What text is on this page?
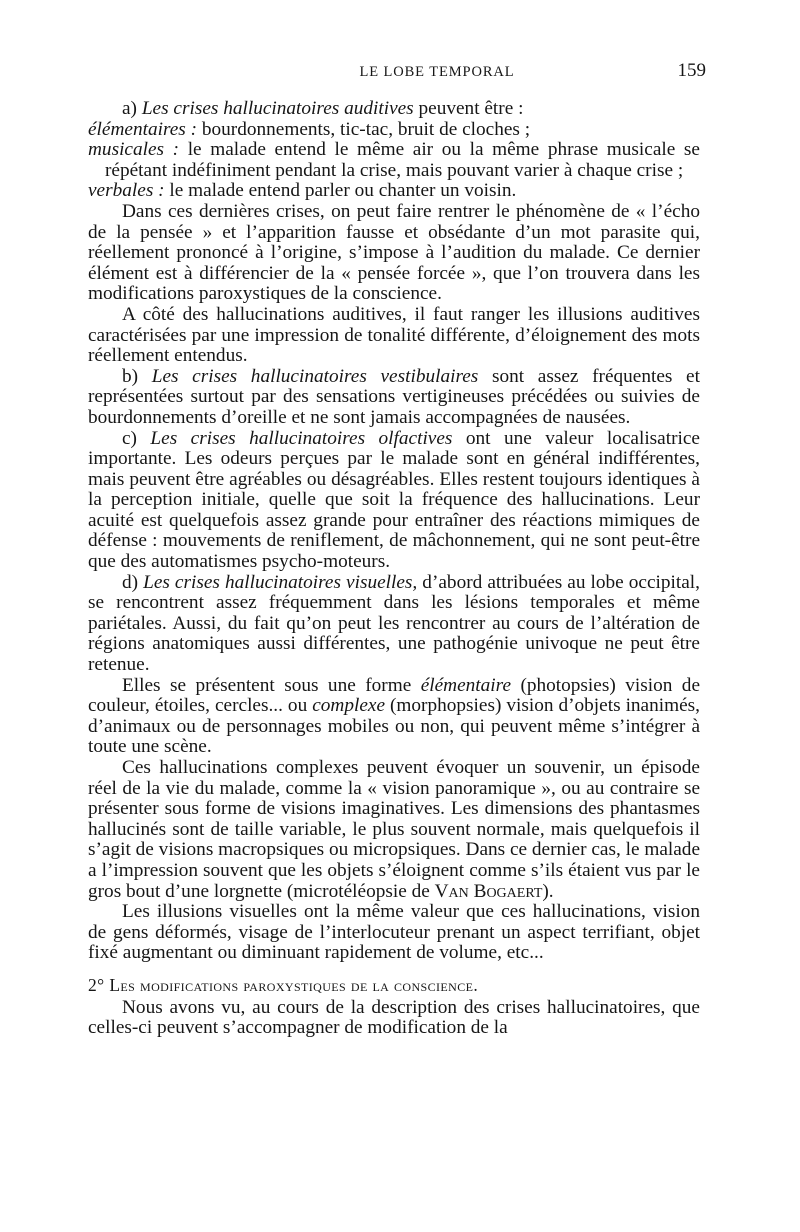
LE LOBE TEMPORAL	159

a) Les crises hallucinatoires auditives peuvent être :

élémentaires : bourdonnements, tic-tac, bruit de cloches ;

musicales : le malade entend le même air ou la même phrase musicale se répétant indéfiniment pendant la crise, mais pouvant varier à chaque crise ;

verbales : le malade entend parler ou chanter un voisin.

Dans ces dernières crises, on peut faire rentrer le phénomène de « l’écho de la pensée » et l’apparition fausse et obsédante d’un mot parasite qui, réellement prononcé à l’origine, s’impose à l’audition du malade. Ce dernier élément est à différencier de la « pensée forcée », que l’on trouvera dans les modifications paroxystiques de la conscience.

A côté des hallucinations auditives, il faut ranger les illusions auditives caractérisées par une impression de tonalité différente, d’éloignement des mots réellement entendus.

b) Les crises hallucinatoires vestibulaires sont assez fréquentes et représentées surtout par des sensations vertigineuses précédées ou suivies de bourdonnements d’oreille et ne sont jamais accompagnées de nausées.

c) Les crises hallucinatoires olfactives ont une valeur localisatrice importante. Les odeurs perçues par le malade sont en général indifférentes, mais peuvent être agréables ou désagréables. Elles restent toujours identiques à la perception initiale, quelle que soit la fréquence des hallucinations. Leur acuité est quelquefois assez grande pour entraîner des réactions mimiques de défense : mouvements de reniflement, de mâchonnement, qui ne sont peut-être que des automatismes psycho-moteurs.

d) Les crises hallucinatoires visuelles, d’abord attribuées au lobe occipital, se rencontrent assez fréquemment dans les lésions temporales et même pariétales. Aussi, du fait qu’on peut les rencontrer au cours de l’altération de régions anatomiques aussi différentes, une pathogénie univoque ne peut être retenue.

Elles se présentent sous une forme élémentaire (photopsies) vision de couleur, étoiles, cercles... ou complexe (morphopsies) vision d’objets inanimés, d’animaux ou de personnages mobiles ou non, qui peuvent même s’intégrer à toute une scène.

Ces hallucinations complexes peuvent évoquer un souvenir, un épisode réel de la vie du malade, comme la « vision panoramique », ou au contraire se présenter sous forme de visions imaginatives. Les dimensions des phantasmes hallucinés sont de taille variable, le plus souvent normale, mais quelquefois il s’agit de visions macropsiques ou micropsiques. Dans ce dernier cas, le malade a l’impression souvent que les objets s’éloignent comme s’ils étaient vus par le gros bout d’une lorgnette (microtéléopsie de Van Bogaert).

Les illusions visuelles ont la même valeur que ces hallucinations, vision de gens déformés, visage de l’interlocuteur prenant un aspect terrifiant, objet fixé augmentant ou diminuant rapidement de volume, etc...

2° Les modifications paroxystiques de la conscience.

Nous avons vu, au cours de la description des crises hallucinatoires, que celles-ci peuvent s’accompagner de modification de la
